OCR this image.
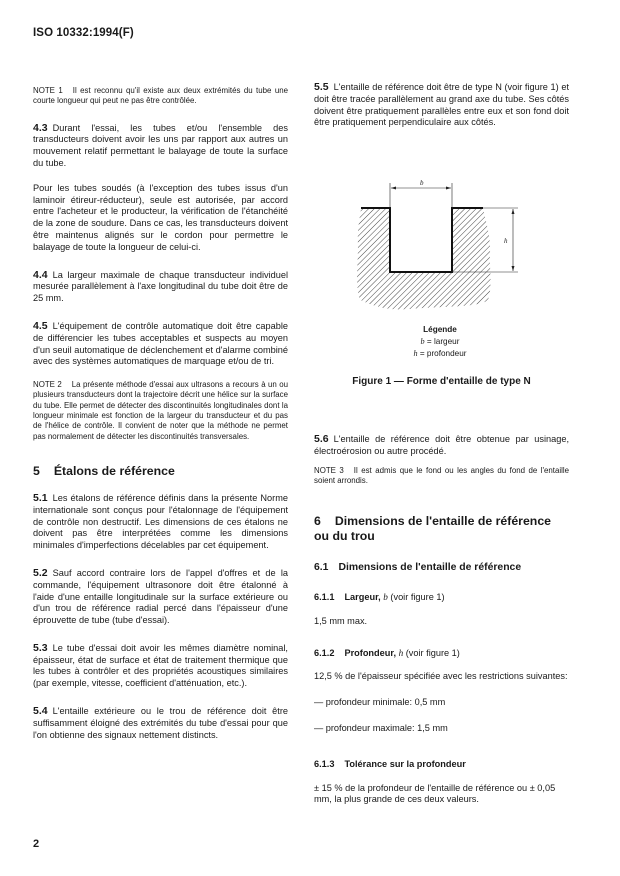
ISO 10332:1994(F)

NOTE 1 Il est reconnu qu'il existe aux deux extrémités du tube une courte longueur qui peut ne pas être contrôlée.

4.3 Durant l'essai, les tubes et/ou l'ensemble des transducteurs doivent avoir les uns par rapport aux autres un mouvement relatif permettant le balayage de toute la surface du tube.

Pour les tubes soudés (à l'exception des tubes issus d'un laminoir étireur-réducteur), seule est autorisée, par accord entre l'acheteur et le producteur, la vérification de l'étanchéité de la zone de soudure. Dans ce cas, les transducteurs doivent être maintenus alignés sur le cordon pour permettre le balayage de toute la longueur de celui-ci.

4.4 La largeur maximale de chaque transducteur individuel mesurée parallèlement à l'axe longitudinal du tube doit être de 25 mm.

4.5 L'équipement de contrôle automatique doit être capable de différencier les tubes acceptables et suspects au moyen d'un seuil automatique de déclenchement et d'alarme combiné avec des systèmes automatiques de marquage et/ou de tri.

NOTE 2 La présente méthode d'essai aux ultrasons a recours à un ou plusieurs transducteurs dont la trajectoire décrit une hélice sur la surface du tube. Elle permet de détecter des discontinuités longitudinales dont la longueur minimale est fonction de la largeur du transducteur et du pas de l'hélice de contrôle. Il convient de noter que la méthode ne permet pas normalement de détecter les discontinuités transversales.

5 Étalons de référence

5.1 Les étalons de référence définis dans la présente Norme internationale sont conçus pour l'étalonnage de l'équipement de contrôle non destructif. Les dimensions de ces étalons ne doivent pas être interprétées comme les dimensions minimales d'imperfections décelables par cet équipement.

5.2 Sauf accord contraire lors de l'appel d'offres et de la commande, l'équipement ultrasonore doit être étalonné à l'aide d'une entaille longitudinale sur la surface extérieure ou d'un trou de référence radial percé dans l'épaisseur d'une éprouvette de tube (tube d'essai).

5.3 Le tube d'essai doit avoir les mêmes diamètre nominal, épaisseur, état de surface et état de traitement thermique que les tubes à contrôler et des propriétés acoustiques similaires (par exemple, vitesse, coefficient d'atténuation, etc.).

5.4 L'entaille extérieure ou le trou de référence doit être suffisamment éloigné des extrémités du tube d'essai pour que l'on obtienne des signaux nettement distincts.

5.5 L'entaille de référence doit être de type N (voir figure 1) et doit être tracée parallèlement au grand axe du tube. Ses côtés doivent être pratiquement parallèles entre eux et son fond doit être pratiquement perpendiculaire aux côtés.

b
h
Légende
b = largeur
h = profondeur
Figure 1 — Forme d'entaille de type N

5.6 L'entaille de référence doit être obtenue par usinage, électroérosion ou autre procédé.

NOTE 3 Il est admis que le fond ou les angles du fond de l'entaille soient arrondis.

6 Dimensions de l'entaille de référence ou du trou

6.1 Dimensions de l'entaille de référence

6.1.1 Largeur, b (voir figure 1)

1,5 mm max.

6.1.2 Profondeur, h (voir figure 1)

12,5 % de l'épaisseur spécifiée avec les restrictions suivantes:

— profondeur minimale: 0,5 mm

— profondeur maximale: 1,5 mm

6.1.3 Tolérance sur la profondeur

± 15 % de la profondeur de l'entaille de référence ou ± 0,05 mm, la plus grande de ces deux valeurs.

2
